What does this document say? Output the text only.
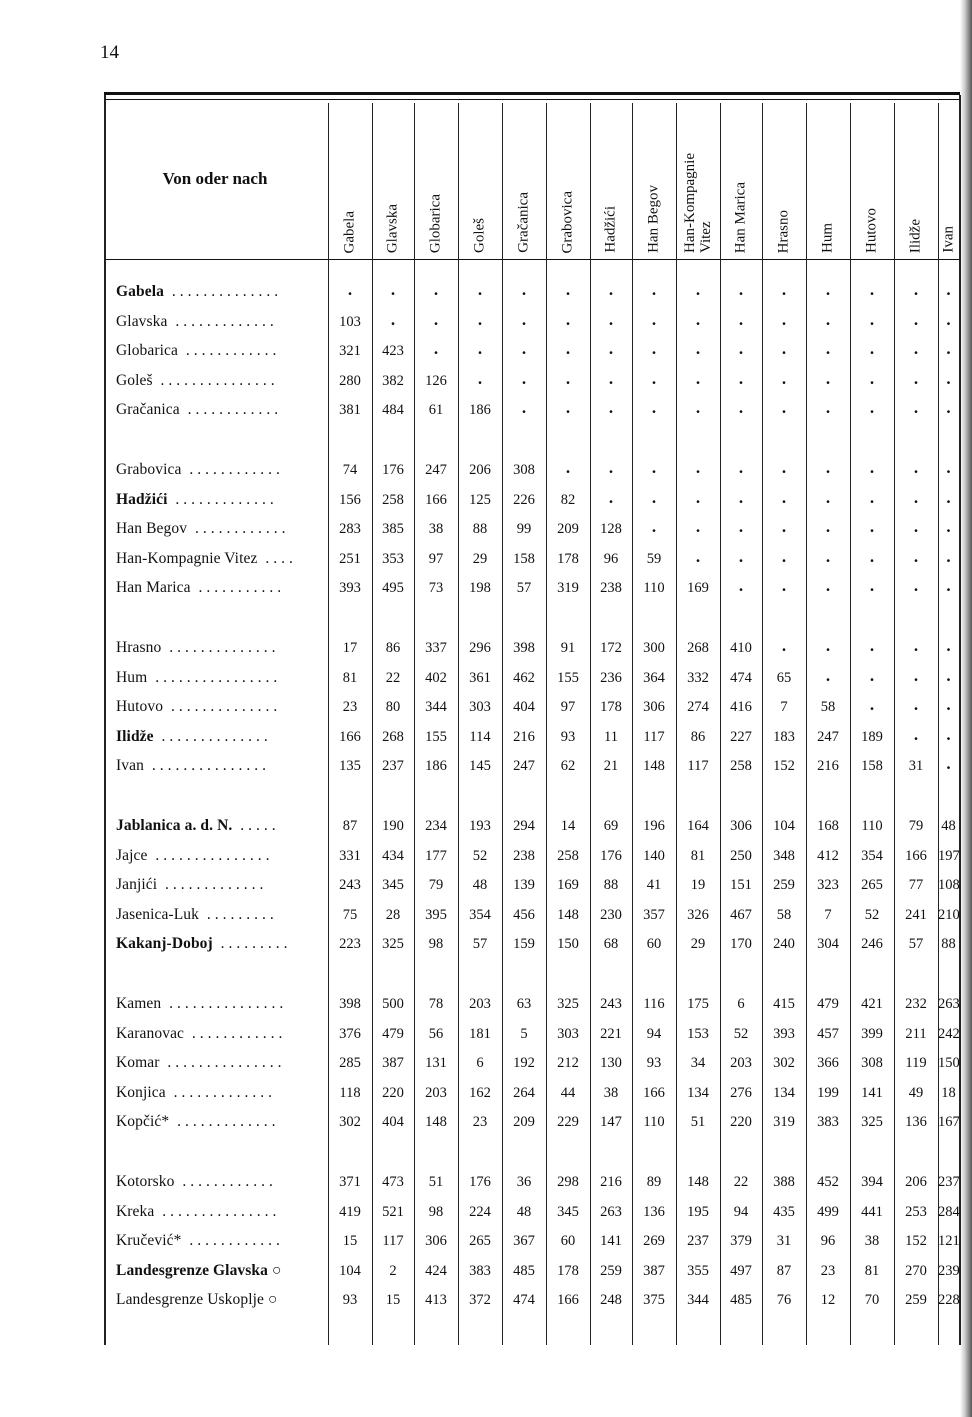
14
Von oder nach
Gabela Glavska Globarica Goleš Gračanica Grabovica Hadžići Han Begov Han-Kompagnie
Vitez Han Marica Hrasno Hum Hutovo Ilidže Ivan
Gabela ..............	.	.	.	.	.	.	.	.	.	.	.	.	.	.	.
Glavska .............	103	.	.	.	.	.	.	.	.	.	.	.	.	.	.
Globarica ............	321	423	.	.	.	.	.	.	.	.	.	.	.	.	.
Goleš ...............	280	382	126	.	.	.	.	.	.	.	.	.	.	.	.
Gračanica ............	381	484	61	186	.	.	.	.	.	.	.	.	.	.	.
Grabovica ............	74	176	247	206	308	.	.	.	.	.	.	.	.	.	.
Hadžići .............	156	258	166	125	226	82	.	.	.	.	.	.	.	.	.
Han Begov ............	283	385	38	88	99	209	128	.	.	.	.	.	.	.	.
Han-Kompagnie Vitez ....	251	353	97	29	158	178	96	59	.	.	.	.	.	.	.
Han Marica ...........	393	495	73	198	57	319	238	110	169	.	.	.	.	.	.
Hrasno ..............	17	86	337	296	398	91	172	300	268	410	.	.	.	.	.
Hum ................	81	22	402	361	462	155	236	364	332	474	65	.	.	.	.
Hutovo ..............	23	80	344	303	404	97	178	306	274	416	7	58	.	.	.
Ilidže ..............	166	268	155	114	216	93	11	117	86	227	183	247	189	.	.
Ivan ...............	135	237	186	145	247	62	21	148	117	258	152	216	158	31	.
Jablanica a. d. N. .....	87	190	234	193	294	14	69	196	164	306	104	168	110	79	48
Jajce ...............	331	434	177	52	238	258	176	140	81	250	348	412	354	166 197
Janjići .............	243	345	79	48	139	169	88	41	19	151	259	323	265	77	108
Jasenica-Luk .........	75	28	395	354	456	148	230	357	326	467	58	7	52	241 210
Kakanj-Doboj .........	223	325	98	57	159	150	68	60	29	170	240	304	246	57	88
Kamen ...............	398	500	78	203	63	325	243	116	175	6	415	479	421	232 263
Karanovac ............	376	479	56	181	5	303	221	94	153	52	393	457	399	211 242
Komar ...............	285	387	131	6	192	212	130	93	34	203	302	366	308	119 150
Konjica .............	118	220	203	162	264	44	38	166	134	276	134	199	141	49	18
Kopčić* .............	302	404	148	23	209	229	147	110	51	220	319	383	325	136 167
Kotorsko ............	371	473	51	176	36	298	216	89	148	22	388	452	394	206 237
Kreka ...............	419	521	98	224	48	345	263	136	195	94	435	499	441	253 284
Kručević* ............	15	117	306	265	367	60	141	269	237	379	31	96	38	152 121
Landesgrenze Glavska ○	104	2	424	383	485	178	259	387	355	497	87	23	81	270 239
Landesgrenze Uskoplje ○	93	15	413	372	474	166	248	375	344	485	76	12	70	259 228
